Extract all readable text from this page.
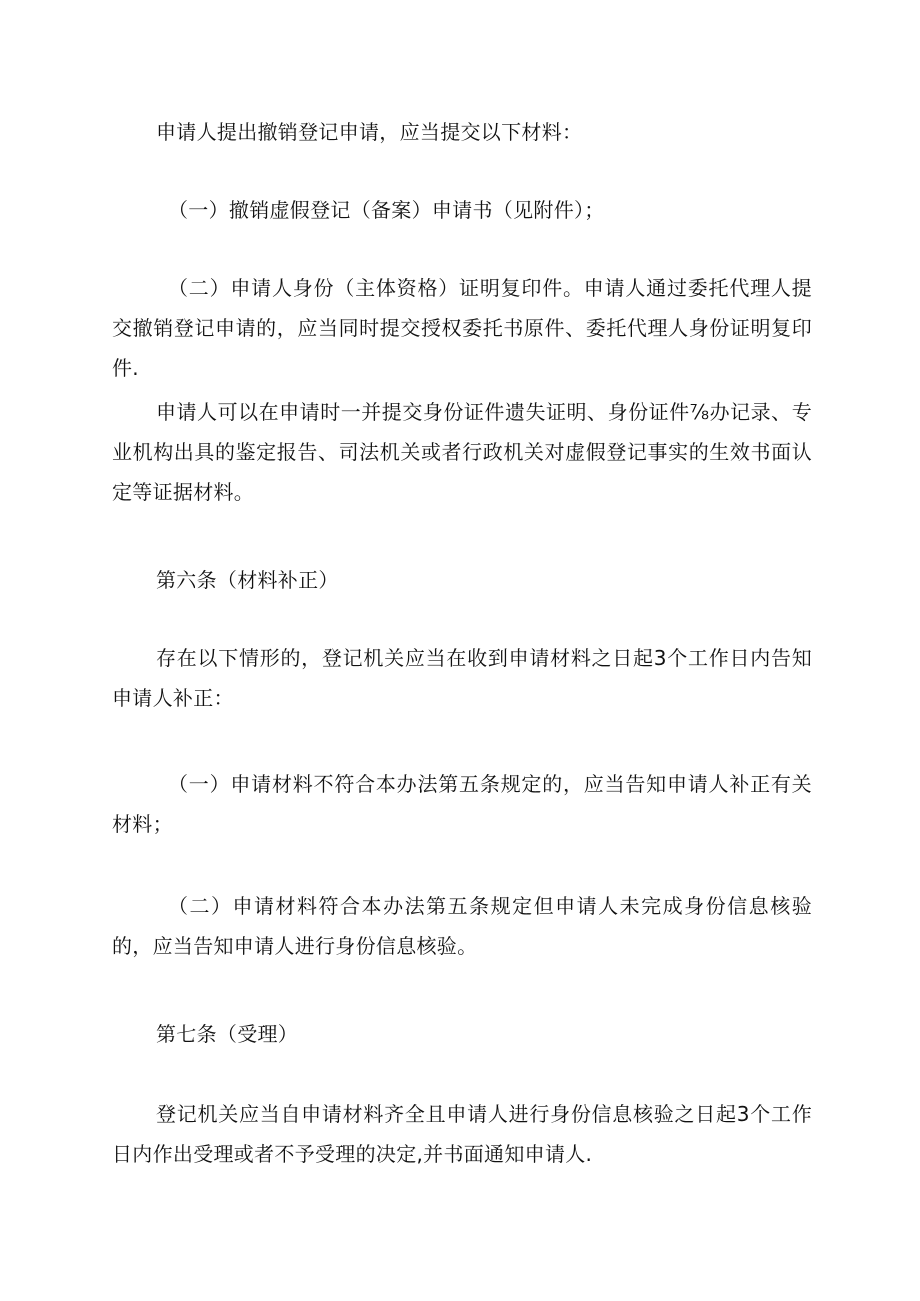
申请人提出撤销登记申请，应当提交以下材料：

（一）撤销虚假登记（备案）申请书（见附件）；

（二）申请人身份（主体资格）证明复印件。申请人通过委托代理人提交撤销登记申请的，应当同时提交授权委托书原件、委托代理人身份证明复印件.

申请人可以在申请时一并提交身份证件遗失证明、身份证件⅞办记录、专业机构出具的鉴定报告、司法机关或者行政机关对虚假登记事实的生效书面认定等证据材料。

第六条（材料补正）

存在以下情形的，登记机关应当在收到申请材料之日起3个工作日内告知申请人补正：

（一）申请材料不符合本办法第五条规定的，应当告知申请人补正有关材料；

（二）申请材料符合本办法第五条规定但申请人未完成身份信息核验的，应当告知申请人进行身份信息核验。

第七条（受理）

登记机关应当自申请材料齐全且申请人进行身份信息核验之日起3个工作日内作出受理或者不予受理的决定,并书面通知申请人.
